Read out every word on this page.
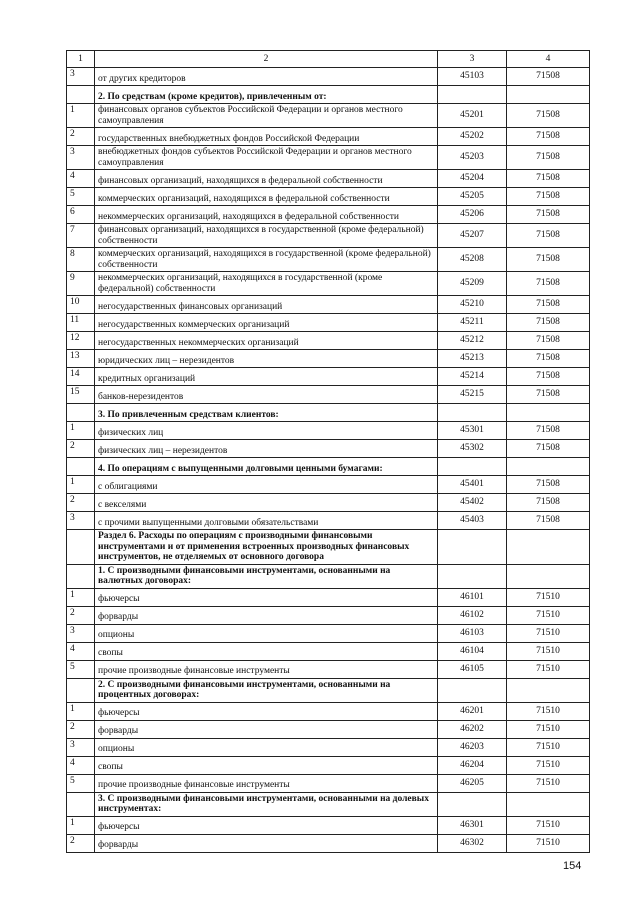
1	2	3	4
3	от других кредиторов	45103	71508
	2. По средствам (кроме кредитов), привлеченным от:		
1	финансовых органов субъектов Российской Федерации и органов местного самоуправления	45201	71508
2	государственных внебюджетных фондов Российской Федерации	45202	71508
3	внебюджетных фондов субъектов Российской Федерации и органов местного самоуправления	45203	71508
4	финансовых организаций, находящихся в федеральной собственности	45204	71508
5	коммерческих организаций, находящихся в федеральной собственности	45205	71508
6	некоммерческих организаций, находящихся в федеральной собственности	45206	71508
7	финансовых организаций, находящихся в государственной (кроме федеральной) собственности	45207	71508
8	коммерческих организаций, находящихся в государственной (кроме федеральной) собственности	45208	71508
9	некоммерческих организаций, находящихся в государственной (кроме федеральной) собственности	45209	71508
10	негосударственных финансовых организаций	45210	71508
11	негосударственных коммерческих организаций	45211	71508
12	негосударственных некоммерческих организаций	45212	71508
13	юридических лиц – нерезидентов	45213	71508
14	кредитных организаций	45214	71508
15	банков-нерезидентов	45215	71508
	3. По привлеченным средствам клиентов:		
1	физических лиц	45301	71508
2	физических лиц – нерезидентов	45302	71508
	4. По операциям с выпущенными долговыми ценными бумагами:		
1	с облигациями	45401	71508
2	с векселями	45402	71508
3	с прочими выпущенными долговыми обязательствами	45403	71508
	Раздел 6. Расходы по операциям с производными финансовыми инструментами и от применения встроенных производных финансовых инструментов, не отделяемых от основного договора		
	1. С производными финансовыми инструментами, основанными на валютных договорах:		
1	фьючерсы	46101	71510
2	форварды	46102	71510
3	опционы	46103	71510
4	свопы	46104	71510
5	прочие производные финансовые инструменты	46105	71510
	2. С производными финансовыми инструментами, основанными на процентных договорах:		
1	фьючерсы	46201	71510
2	форварды	46202	71510
3	опционы	46203	71510
4	свопы	46204	71510
5	прочие производные финансовые инструменты	46205	71510
	3. С производными финансовыми инструментами, основанными на долевых инструментах:		
1	фьючерсы	46301	71510
2	форварды	46302	71510
154
